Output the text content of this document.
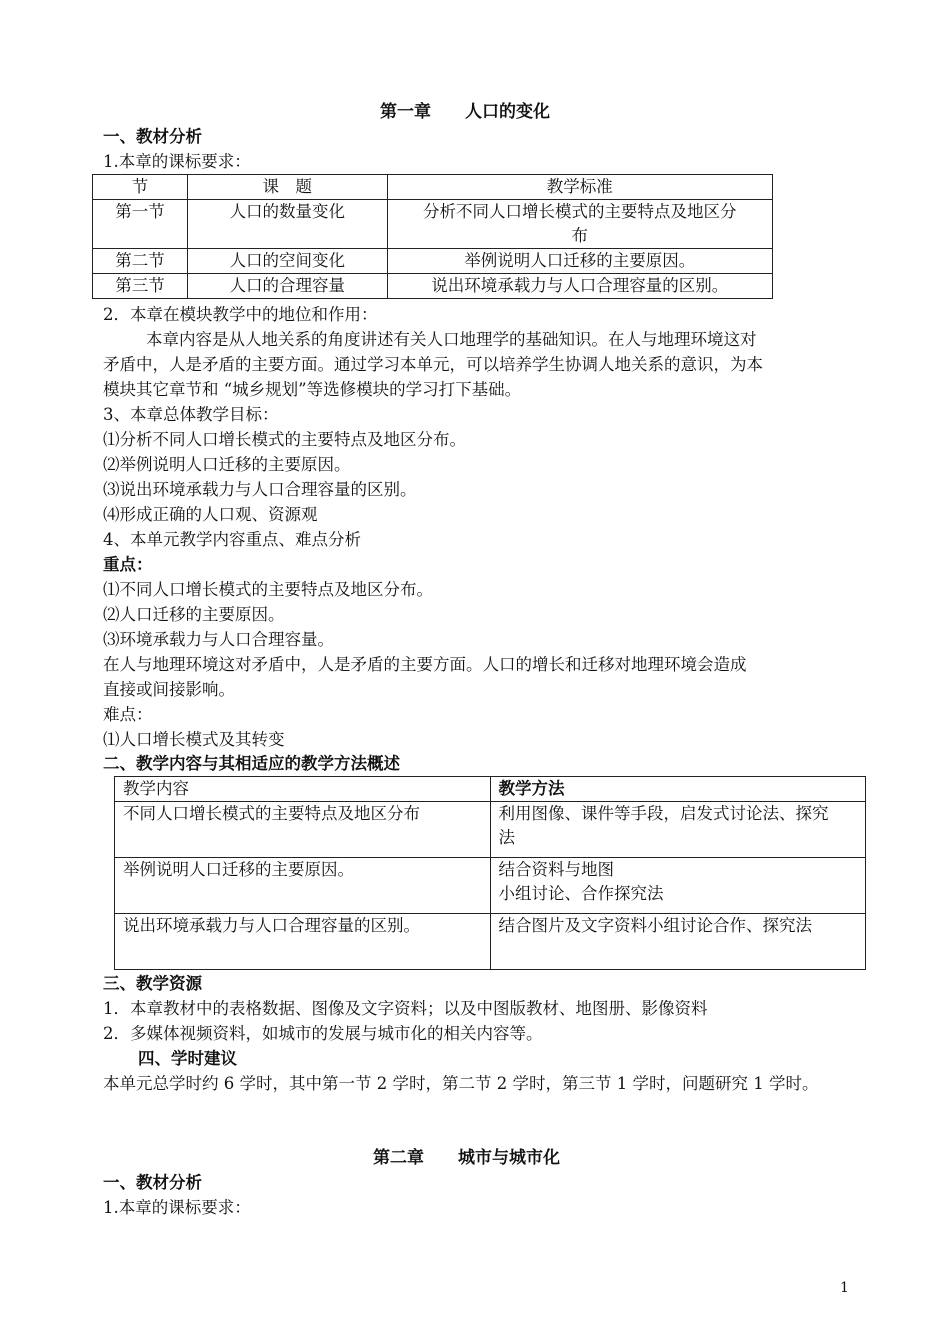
第一章　　人口的变化
一、教材分析
1.本章的课标要求：
节	课　题	教学标准
第一节	人口的数量变化	分析不同人口增长模式的主要特点及地区分
布

第二节	人口的空间变化	举例说明人口迁移的主要原因。
第三节	人口的合理容量	说出环境承载力与人口合理容量的区别。
2．本章在模块教学中的地位和作用：
本章内容是从人地关系的角度讲述有关人口地理学的基础知识。在人与地理环境这对
矛盾中，人是矛盾的主要方面。通过学习本单元，可以培养学生协调人地关系的意识，为本
模块其它章节和 “城乡规划”等选修模块的学习打下基础。
3、本章总体教学目标：
⑴分析不同人口增长模式的主要特点及地区分布。
⑵举例说明人口迁移的主要原因。
⑶说出环境承载力与人口合理容量的区别。
⑷形成正确的人口观、资源观
4、本单元教学内容重点、难点分析
重点：
⑴不同人口增长模式的主要特点及地区分布。
⑵人口迁移的主要原因。
⑶环境承载力与人口合理容量。
在人与地理环境这对矛盾中，人是矛盾的主要方面。人口的增长和迁移对地理环境会造成
直接或间接影响。
难点：
⑴人口增长模式及其转变
二、教学内容与其相适应的教学方法概述
教学内容	教学方法
不同人口增长模式的主要特点及地区分布	利用图像、课件等手段，启发式讨论法、探究
法

举例说明人口迁移的主要原因。	结合资料与地图
小组讨论、合作探究法

说出环境承载力与人口合理容量的区别。	结合图片及文字资料小组讨论合作、探究法
三、教学资源
1．本章教材中的表格数据、图像及文字资料；以及中图版教材、地图册、影像资料
2．多媒体视频资料，如城市的发展与城市化的相关内容等。
四、学时建议
本单元总学时约 6 学时，其中第一节 2 学时，第二节 2 学时，第三节 1 学时，问题研究 1 学时。
第二章　　城市与城市化
一、教材分析
1.本章的课标要求：
1
